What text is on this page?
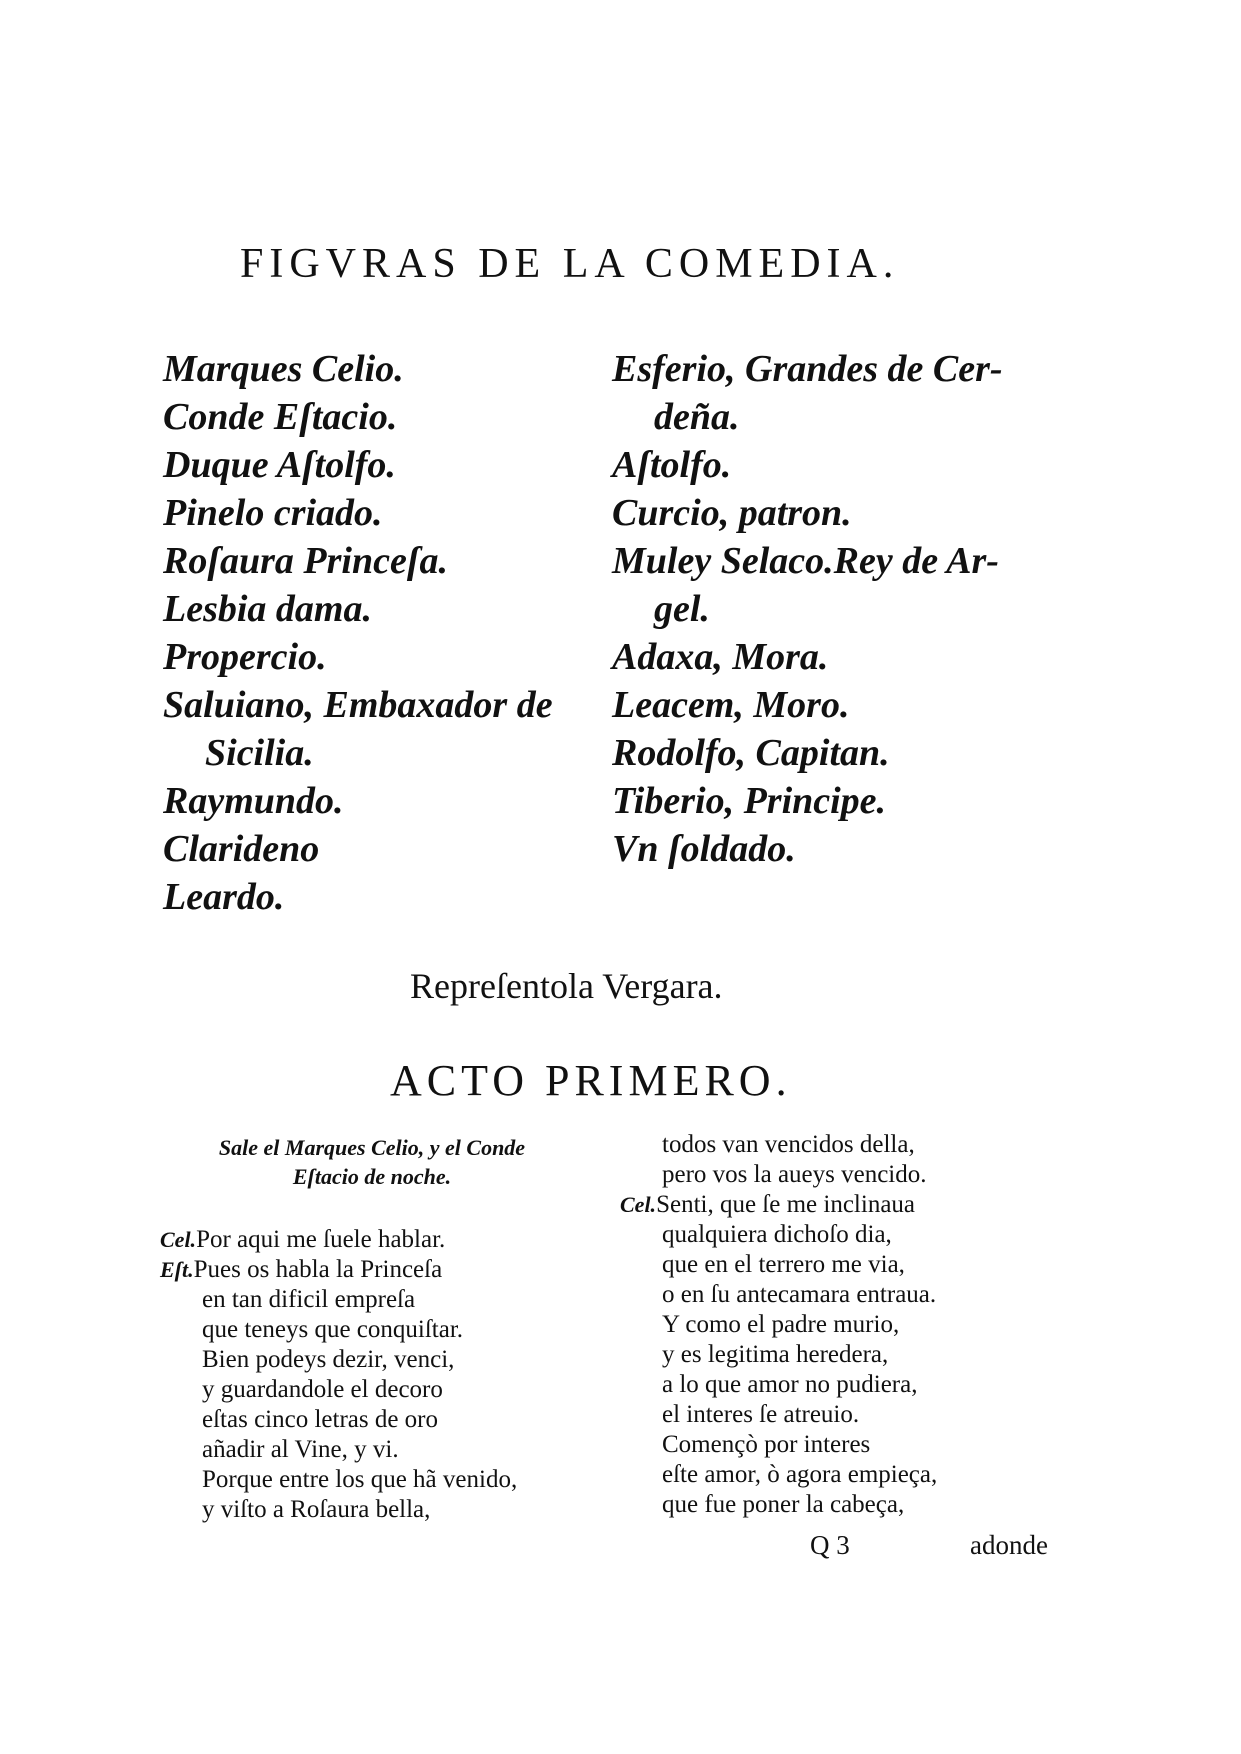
FIGVRAS DE LA COMEDIA.
Marques Celio.
Conde Eſtacio.
Duque Aſtolfo.
Pinelo criado.
Roſaura Princeſa.
Lesbia dama.
Propercio.
Saluiano, Embaxador de
Sicilia.
Raymundo.
Clarideno
Leardo.
Esferio, Grandes de Cer-
deña.
Aſtolfo.
Curcio, patron.
Muley Selaco.Rey de Ar-
gel.
Adaxa, Mora.
Leacem, Moro.
Rodolfo, Capitan.
Tiberio, Principe.
Vn ſoldado.
Repreſentola Vergara.
ACTO PRIMERO.
Sale el Marques Celio, y el Conde
Eſtacio de noche.
Cel.Por aqui me ſuele hablar.
Eſt.Pues os habla la Princeſa
en tan dificil empreſa
que teneys que conquiſtar.
Bien podeys dezir, venci,
y guardandole el decoro
eſtas cinco letras de oro
añadir al Vine, y vi.
Porque entre los que hã venido,
y viſto a Roſaura bella,
todos van vencidos della,
pero vos la aueys vencido.
Cel.Senti, que ſe me inclinaua
qualquiera dichoſo dia,
que en el terrero me via,
o en ſu antecamara entraua.
Y como el padre murio,
y es legitima heredera,
a lo que amor no pudiera,
el interes ſe atreuio.
Començò por interes
eſte amor, ò agora empieça,
que fue poner la cabeça,
Q 3	adonde
